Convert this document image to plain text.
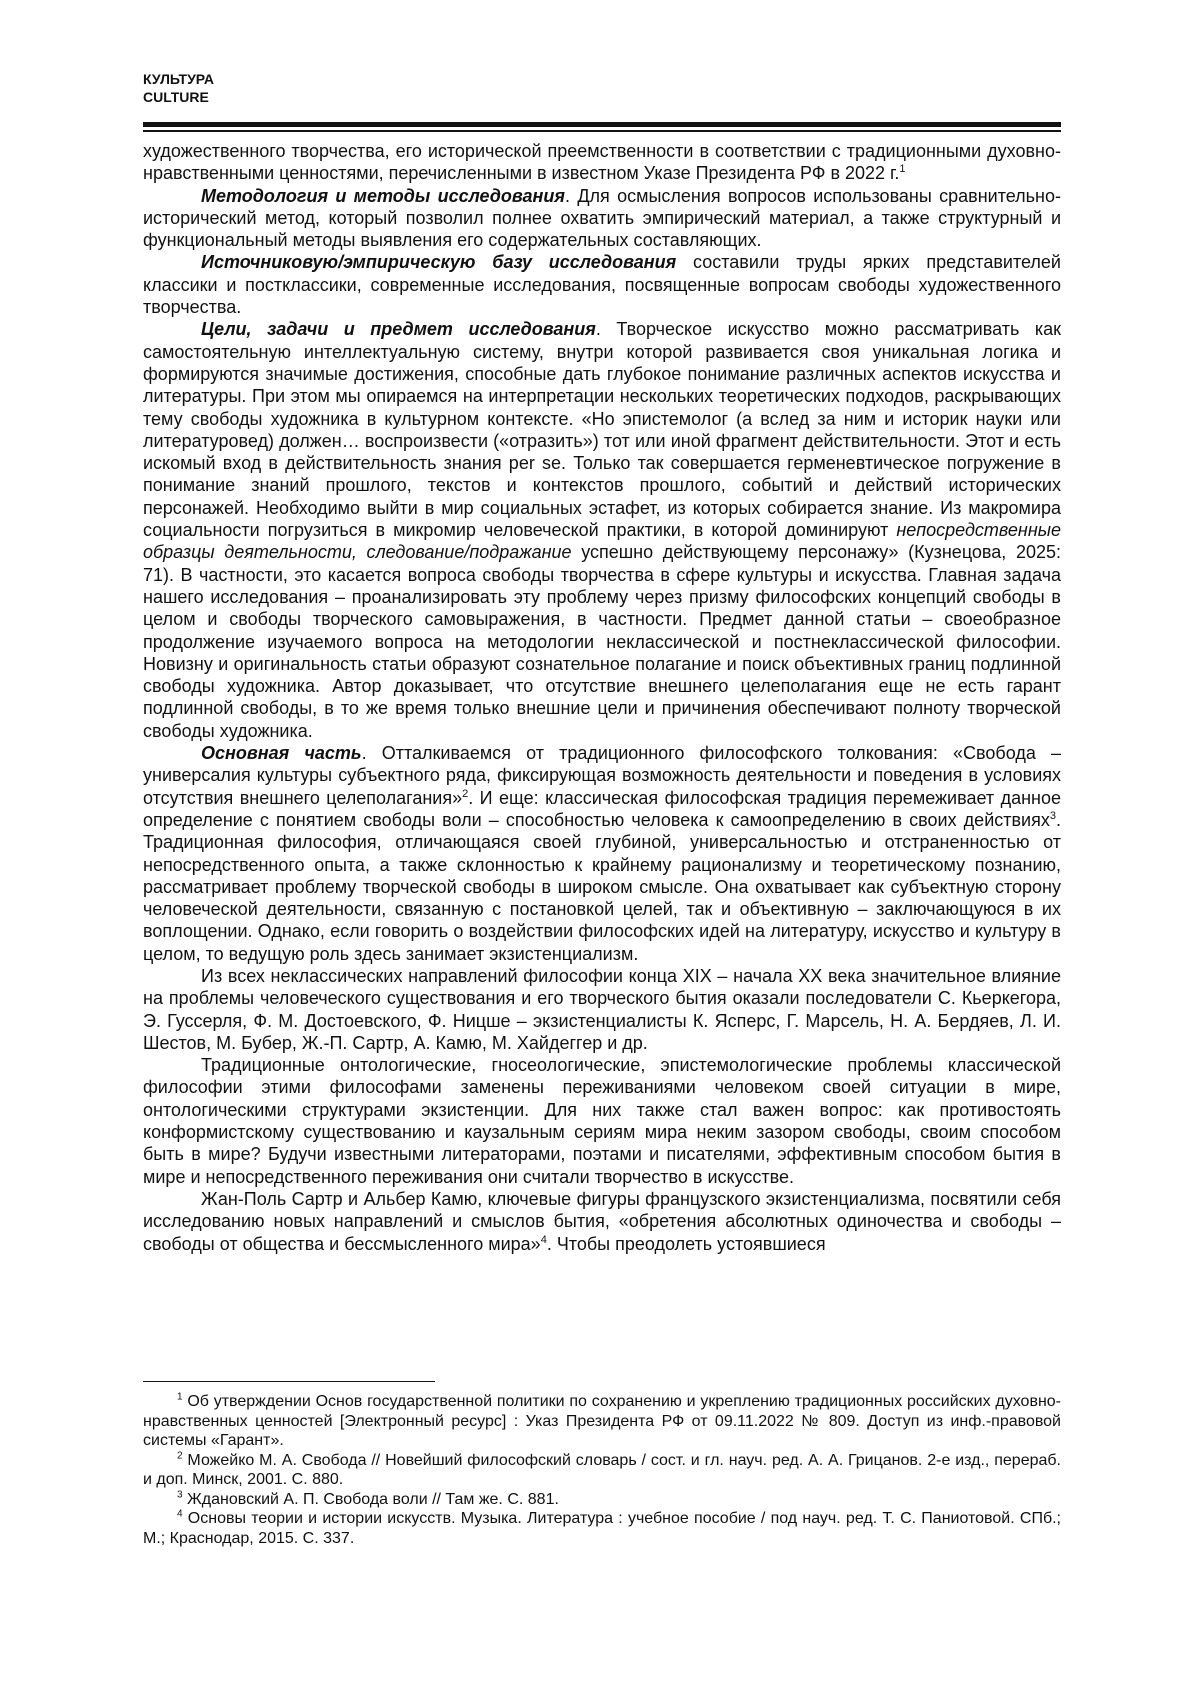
КУЛЬТУРА
CULTURE

художественного творчества, его исторической преемственности в соответствии с традиционными духовно-нравственными ценностями, перечисленными в известном Указе Президента РФ в 2022 г.$^1$

Методология и методы исследования. Для осмысления вопросов использованы сравнительно-исторический метод, который позволил полнее охватить эмпирический материал, а также структурный и функциональный методы выявления его содержательных составляющих.

Источниковую/эмпирическую базу исследования составили труды ярких представителей классики и постклассики, современные исследования, посвященные вопросам свободы художественного творчества.

Цели, задачи и предмет исследования. Творческое искусство можно рассматривать как самостоятельную интеллектуальную систему, внутри которой развивается своя уникальная логика и формируются значимые достижения, способные дать глубокое понимание различных аспектов искусства и литературы. При этом мы опираемся на интерпретации нескольких теоретических подходов, раскрывающих тему свободы художника в культурном контексте. «Но эпистемолог (а вслед за ним и историк науки или литературовед) должен… воспроизвести («отразить») тот или иной фрагмент действительности. Этот и есть искомый вход в действительность знания per se. Только так совершается герменевтическое погружение в понимание знаний прошлого, текстов и контекстов прошлого, событий и действий исторических персонажей. Необходимо выйти в мир социальных эстафет, из которых собирается знание. Из макромира социальности погрузиться в микромир человеческой практики, в которой доминируют непосредственные образцы деятельности, следование/подражание успешно действующему персонажу» (Кузнецова, 2025: 71). В частности, это касается вопроса свободы творчества в сфере культуры и искусства. Главная задача нашего исследования – проанализировать эту проблему через призму философских концепций свободы в целом и свободы творческого самовыражения, в частности. Предмет данной статьи – своеобразное продолжение изучаемого вопроса на методологии неклассической и постнеклассической философии. Новизну и оригинальность статьи образуют сознательное полагание и поиск объективных границ подлинной свободы художника. Автор доказывает, что отсутствие внешнего целеполагания еще не есть гарант подлинной свободы, в то же время только внешние цели и причинения обеспечивают полноту творческой свободы художника.

Основная часть. Отталкиваемся от традиционного философского толкования: «Свобода – универсалия культуры субъектного ряда, фиксирующая возможность деятельности и поведения в условиях отсутствия внешнего целеполагания»$^2$. И еще: классическая философская традиция перемеживает данное определение с понятием свободы воли – способностью человека к самоопределению в своих действиях$^3$. Традиционная философия, отличающаяся своей глубиной, универсальностью и отстраненностью от непосредственного опыта, а также склонностью к крайнему рационализму и теоретическому познанию, рассматривает проблему творческой свободы в широком смысле. Она охватывает как субъектную сторону человеческой деятельности, связанную с постановкой целей, так и объективную – заключающуюся в их воплощении. Однако, если говорить о воздействии философских идей на литературу, искусство и культуру в целом, то ведущую роль здесь занимает экзистенциализм.

Из всех неклассических направлений философии конца XIX – начала XX века значительное влияние на проблемы человеческого существования и его творческого бытия оказали последователи С. Кьеркегора, Э. Гуссерля, Ф. М. Достоевского, Ф. Ницше – экзистенциалисты К. Ясперс, Г. Марсель, Н. А. Бердяев, Л. И. Шестов, М. Бубер, Ж.-П. Сартр, А. Камю, М. Хайдеггер и др.

Традиционные онтологические, гносеологические, эпистемологические проблемы классической философии этими философами заменены переживаниями человеком своей ситуации в мире, онтологическими структурами экзистенции. Для них также стал важен вопрос: как противостоять конформистскому существованию и каузальным сериям мира неким зазором свободы, своим способом быть в мире? Будучи известными литераторами, поэтами и писателями, эффективным способом бытия в мире и непосредственного переживания они считали творчество в искусстве.

Жан-Поль Сартр и Альбер Камю, ключевые фигуры французского экзистенциализма, посвятили себя исследованию новых направлений и смыслов бытия, «обретения абсолютных одиночества и свободы – свободы от общества и бессмысленного мира»$^4$. Чтобы преодолеть устоявшиеся

$^1$ Об утверждении Основ государственной политики по сохранению и укреплению традиционных российских духовно-нравственных ценностей [Электронный ресурс] : Указ Президента РФ от 09.11.2022 № 809. Доступ из инф.-правовой системы «Гарант».

$^2$ Можейко М. А. Свобода // Новейший философский словарь / сост. и гл. науч. ред. А. А. Грицанов. 2-е изд., перераб. и доп. Минск, 2001. С. 880.

$^3$ Ждановский А. П. Свобода воли // Там же. С. 881.

$^4$ Основы теории и истории искусств. Музыка. Литература : учебное пособие / под науч. ред. Т. С. Паниотовой. СПб.; М.; Краснодар, 2015. С. 337.
